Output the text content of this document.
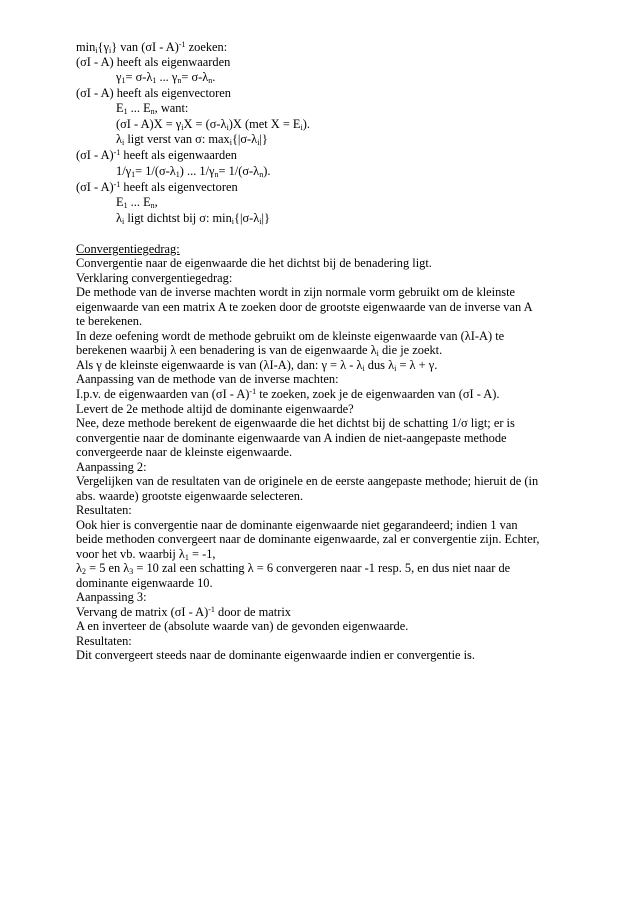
$\min_i\{\gamma_i\}$ van (σI - A)$^{-1}$ zoeken:
(σI - A) heeft als eigenwaarden
$\gamma_1= \sigma-\lambda_1$ ... $\gamma_n= \sigma-\lambda_n$.
(σI - A) heeft als eigenvectoren
$E_1$ ... $E_n$, want:
$(\sigma I - A)X = \gamma_iX = (\sigma-\lambda_i)X$ (met $X = E_i$).
$\lambda_i$ ligt verst van σ: $\max_i\{|\sigma-\lambda_i|\}$
(σI - A)$^{-1}$ heeft als eigenwaarden
$1/\gamma_1= 1/(\sigma-\lambda_1)$ ... $1/\gamma_n= 1/(\sigma-\lambda_n)$.
(σI - A)$^{-1}$ heeft als eigenvectoren
$E_1$ ... $E_n$,
$\lambda_i$ ligt dichtst bij σ: $\min_i\{|\sigma-\lambda_i|\}$
Convergentiegedrag:
Convergentie naar de eigenwaarde die het dichtst bij de benadering ligt.
Verklaring convergentiegedrag:
De methode van de inverse machten wordt in zijn normale vorm gebruikt om de kleinste
eigenwaarde van een matrix A te zoeken door de grootste eigenwaarde van de inverse van A
te berekenen.
In deze oefening wordt de methode gebruikt om de kleinste eigenwaarde van (λI-A) te
berekenen waarbij λ een benadering is van de eigenwaarde $\lambda_i$ die je zoekt.
Als γ de kleinste eigenwaarde is van (λI-A), dan: $\gamma = \lambda - \lambda_i$ dus $\lambda_i = \lambda + \gamma$.
Aanpassing van de methode van de inverse machten:
I.p.v. de eigenwaarden van (σI - A)$^{-1}$ te zoeken, zoek je de eigenwaarden van (σI - A).
Levert de 2e methode altijd de dominante eigenwaarde?
Nee, deze methode berekent de eigenwaarde die het dichtst bij de schatting 1/σ ligt; er is
convergentie naar de dominante eigenwaarde van A indien de niet-aangepaste methode
convergeerde naar de kleinste eigenwaarde.
Aanpassing 2:
Vergelijken van de resultaten van de originele en de eerste aangepaste methode; hieruit de (in
abs. waarde) grootste eigenwaarde selecteren.
Resultaten:
Ook hier is convergentie naar de dominante eigenwaarde niet gegarandeerd; indien 1 van
beide methoden convergeert naar de dominante eigenwaarde, zal er convergentie zijn. Echter,
voor het vb. waarbij $\lambda_1 = -1$,
$\lambda_2 = 5$ en $\lambda_3 = 10$ zal een schatting λ = 6 convergeren naar -1 resp. 5, en dus niet naar de
dominante eigenwaarde 10.
Aanpassing 3:
Vervang de matrix (σI - A)$^{-1}$ door de matrix
A en inverteer de (absolute waarde van) de gevonden eigenwaarde.
Resultaten:
Dit convergeert steeds naar de dominante eigenwaarde indien er convergentie is.
